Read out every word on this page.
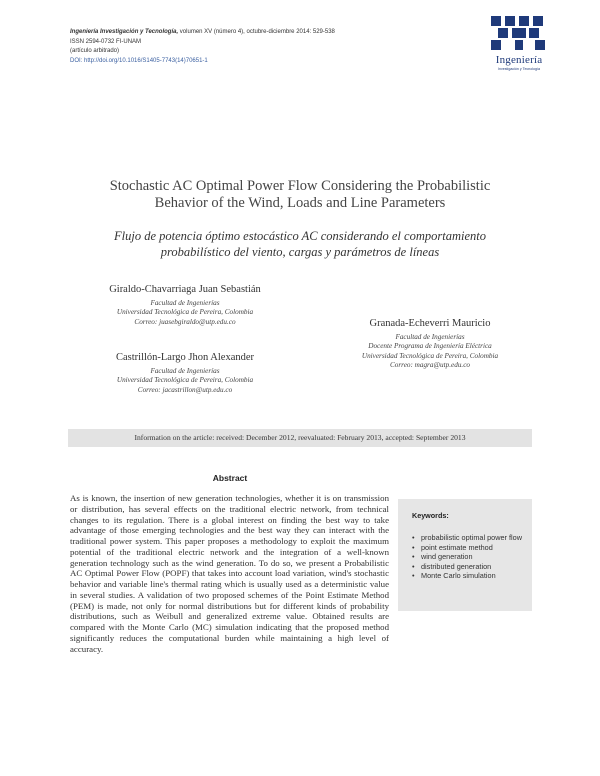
Ingeniería Investigación y Tecnología, volumen XV (número 4), octubre-diciembre 2014: 529-538
ISSN 2594-0732 FI-UNAM
(artículo arbitrado)
DOI: http://doi.org/10.1016/S1405-7743(14)70651-1	Ingeniería
Investigación y Tecnología
Stochastic AC Optimal Power Flow Considering the Probabilistic
Behavior of the Wind, Loads and Line Parameters
Flujo de potencia óptimo estocástico AC considerando el comportamiento
probabilístico del viento, cargas y parámetros de líneas
Giraldo-Chavarriaga Juan Sebastián
Facultad de Ingenierías
Universidad Tecnológica de Pereira, Colombia
Correo: juasebgiraldo@utp.edu.co
Castrillón-Largo Jhon Alexander
Facultad de Ingenierías
Universidad Tecnológica de Pereira, Colombia
Correo: jacastrillon@utp.edu.co
Granada-Echeverri Mauricio
Facultad de Ingenierías
Docente Programa de Ingeniería Eléctrica
Universidad Tecnológica de Pereira, Colombia
Correo: magra@utp.edu.co
Information on the article: received: December 2012, reevaluated: February 2013, accepted: September 2013
Abstract
As is known, the insertion of new generation technologies, whether it is on transmission or distribution, has several effects on the traditional electric network, from technical changes to its regulation. There is a global interest on finding the best way to take advantage of those emerging technologies and the best way they can interact with the traditional power system. This paper proposes a methodology to exploit the maximum potential of the traditional electric network and the integration of a well-known generation technology such as the wind generation. To do so, we present a Probabilistic AC Optimal Power Flow (POPF) that takes into account load variation, wind's stochastic behavior and variable line's thermal rating which is usually used as a deterministic value in several studies. A validation of two proposed schemes of the Point Estimate Method (PEM) is made, not only for normal distributions but for different kinds of probability distributions, such as Weibull and generalized extreme value. Obtained results are compared with the Monte Carlo (MC) simulation indicating that the proposed method significantly reduces the computational burden while maintaining a high level of accuracy.
Keywords:
• probabilistic optimal power flow
• point estimate method
• wind generation
• distributed generation
• Monte Carlo simulation
